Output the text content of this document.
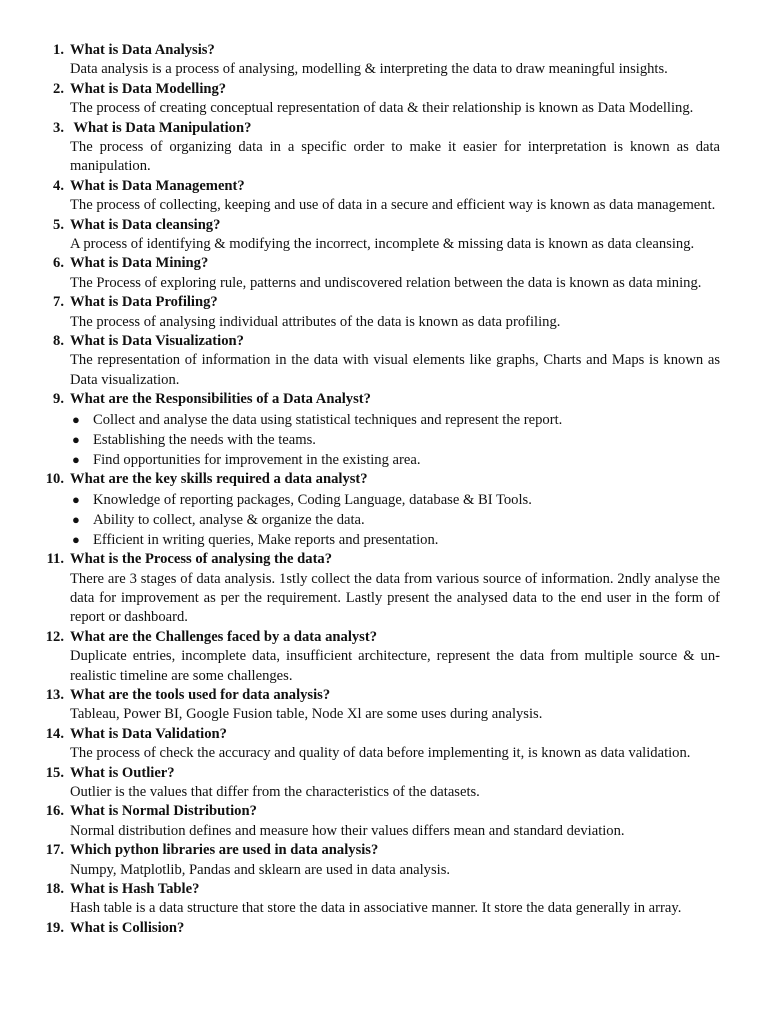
1. What is Data Analysis?
Data analysis is a process of analysing, modelling & interpreting the data to draw meaningful insights.
2. What is Data Modelling?
The process of creating conceptual representation of data & their relationship is known as Data Modelling.
3. What is Data Manipulation?
The process of organizing data in a specific order to make it easier for interpretation is known as data manipulation.
4. What is Data Management?
The process of collecting, keeping and use of data in a secure and efficient way is known as data management.
5. What is Data cleansing?
A process of identifying & modifying the incorrect, incomplete & missing data is known as data cleansing.
6. What is Data Mining?
The Process of exploring rule, patterns and undiscovered relation between the data is known as data mining.
7. What is Data Profiling?
The process of analysing individual attributes of the data is known as data profiling.
8. What is Data Visualization?
The representation of information in the data with visual elements like graphs, Charts and Maps is known as Data visualization.
9. What are the Responsibilities of a Data Analyst?
● Collect and analyse the data using statistical techniques and represent the report.
● Establishing the needs with the teams.
● Find opportunities for improvement in the existing area.
10. What are the key skills required a data analyst?
● Knowledge of reporting packages, Coding Language, database & BI Tools.
● Ability to collect, analyse & organize the data.
● Efficient in writing queries, Make reports and presentation.
11. What is the Process of analysing the data?
There are 3 stages of data analysis. 1stly collect the data from various source of information. 2ndly analyse the data for improvement as per the requirement. Lastly present the analysed data to the end user in the form of report or dashboard.
12. What are the Challenges faced by a data analyst?
Duplicate entries, incomplete data, insufficient architecture, represent the data from multiple source & un-realistic timeline are some challenges.
13. What are the tools used for data analysis?
Tableau, Power BI, Google Fusion table, Node Xl are some uses during analysis.
14. What is Data Validation?
The process of check the accuracy and quality of data before implementing it, is known as data validation.
15. What is Outlier?
Outlier is the values that differ from the characteristics of the datasets.
16. What is Normal Distribution?
Normal distribution defines and measure how their values differs mean and standard deviation.
17. Which python libraries are used in data analysis?
Numpy, Matplotlib, Pandas and sklearn are used in data analysis.
18. What is Hash Table?
Hash table is a data structure that store the data in associative manner. It store the data generally in array.
19. What is Collision?
